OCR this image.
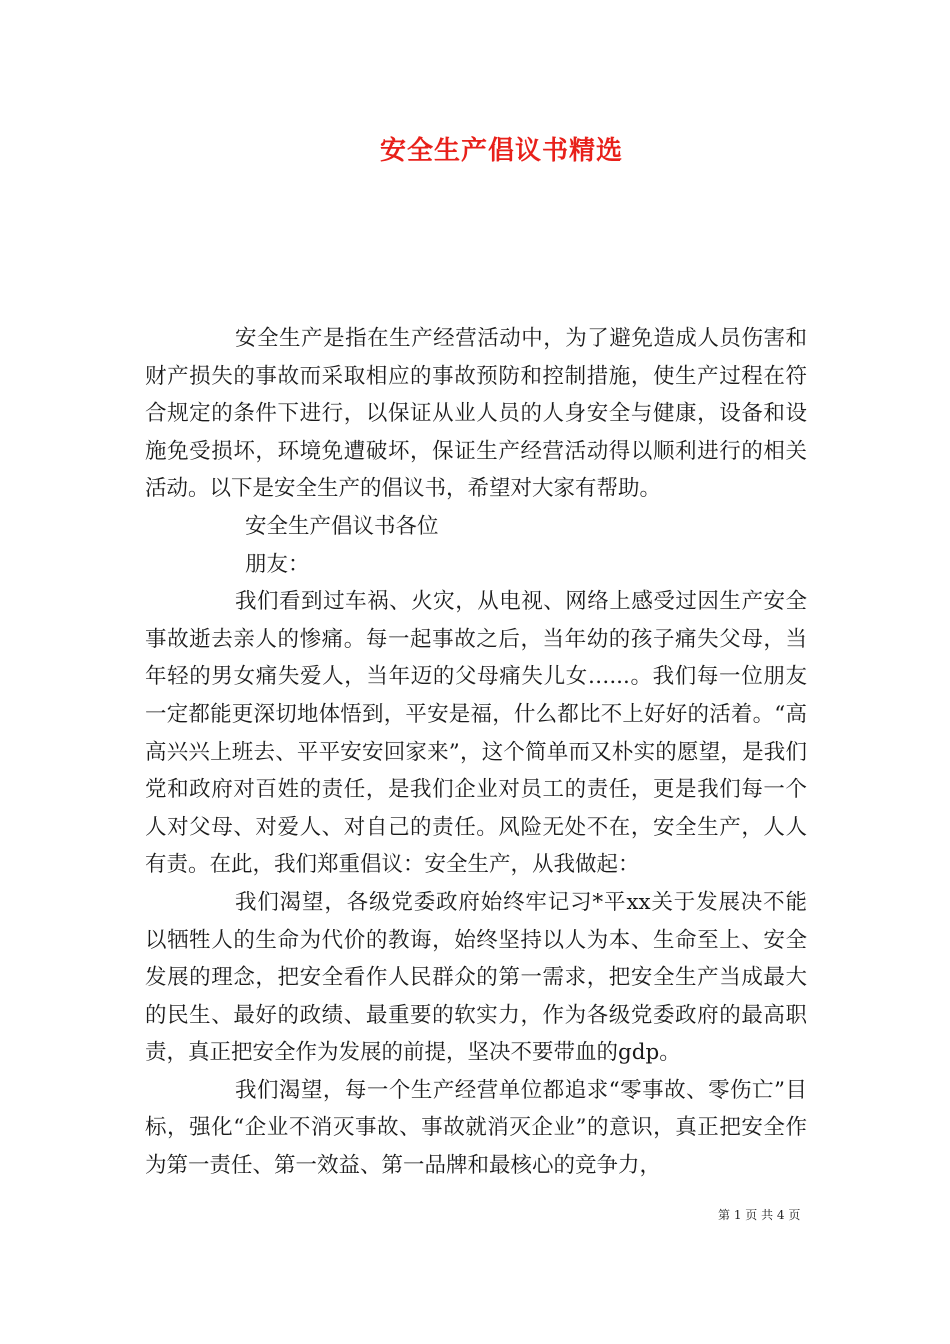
安全生产倡议书精选

安全生产是指在生产经营活动中，为了避免造成人员伤害和财产损失的事故而采取相应的事故预防和控制措施，使生产过程在符合规定的条件下进行，以保证从业人员的人身安全与健康，设备和设施免受损坏，环境免遭破坏，保证生产经营活动得以顺利进行的相关活动。以下是安全生产的倡议书，希望对大家有帮助。

安全生产倡议书各位

朋友：

我们看到过车祸、火灾，从电视、网络上感受过因生产安全事故逝去亲人的惨痛。每一起事故之后，当年幼的孩子痛失父母，当年轻的男女痛失爱人，当年迈的父母痛失儿女…...。我们每一位朋友一定都能更深切地体悟到，平安是福，什么都比不上好好的活着。“高高兴兴上班去、平平安安回家来”，这个简单而又朴实的愿望，是我们党和政府对百姓的责任，是我们企业对员工的责任，更是我们每一个人对父母、对爱人、对自己的责任。风险无处不在，安全生产，人人有责。在此，我们郑重倡议：安全生产，从我做起：

我们渴望，各级党委政府始终牢记习*平xx关于发展决不能以牺牲人的生命为代价的教诲，始终坚持以人为本、生命至上、安全发展的理念，把安全看作人民群众的第一需求，把安全生产当成最大的民生、最好的政绩、最重要的软实力，作为各级党委政府的最高职责，真正把安全作为发展的前提，坚决不要带血的gdp。

我们渴望，每一个生产经营单位都追求“零事故、零伤亡”目标，强化“企业不消灭事故、事故就消灭企业”的意识，真正把安全作为第一责任、第一效益、第一品牌和最核心的竞争力，

第 1 页 共 4 页
